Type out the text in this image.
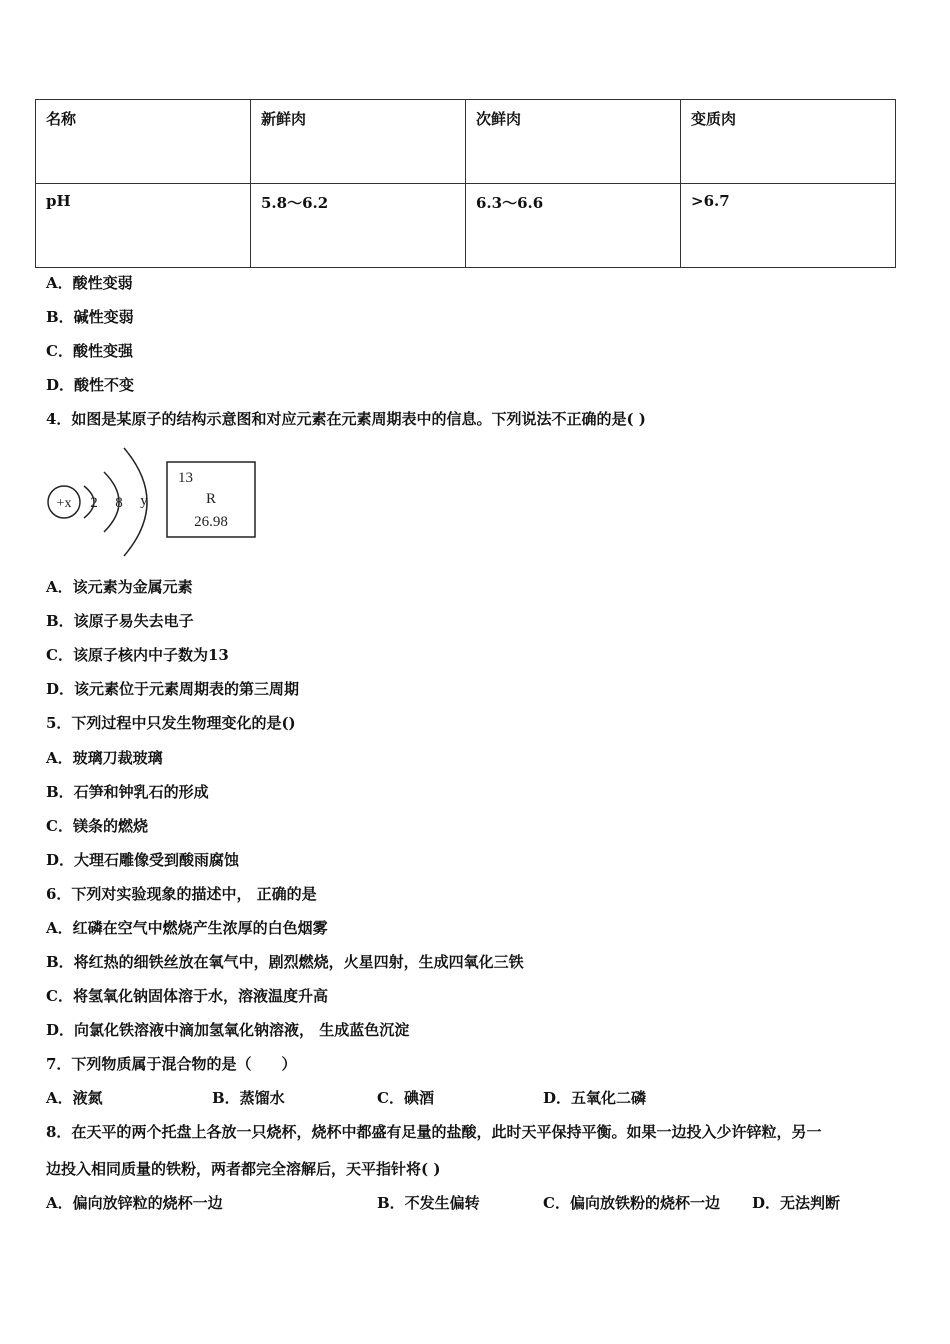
名称	新鲜肉	次鲜肉	变质肉
pH	5.8～6.2	6.3～6.6	>6.7
A．酸性变弱
B．碱性变弱
C．酸性变强
D．酸性不变
4．如图是某原子的结构示意图和对应元素在元素周期表中的信息。下列说法不正确的是( )
+x 2 8 y
13
R
26.98
A．该元素为金属元素
B．该原子易失去电子
C．该原子核内中子数为13
D．该元素位于元素周期表的第三周期
5．下列过程中只发生物理变化的是()
A．玻璃刀裁玻璃
B．石笋和钟乳石的形成
C．镁条的燃烧
D．大理石雕像受到酸雨腐蚀
6．下列对实验现象的描述中， 正确的是
A．红磷在空气中燃烧产生浓厚的白色烟雾
B．将红热的细铁丝放在氧气中，剧烈燃烧，火星四射，生成四氧化三铁
C．将氢氧化钠固体溶于水，溶液温度升高
D．向氯化铁溶液中滴加氢氧化钠溶液， 生成蓝色沉淀
7．下列物质属于混合物的是（　　）
A．液氮	B．蒸馏水	C．碘酒	D．五氧化二磷
8．在天平的两个托盘上各放一只烧杯，烧杯中都盛有足量的盐酸，此时天平保持平衡。如果一边投入少许锌粒，另一
边投入相同质量的铁粉，两者都完全溶解后，天平指针将( )
A．偏向放锌粒的烧杯一边	B．不发生偏转	C．偏向放铁粉的烧杯一边 D．无法判断
